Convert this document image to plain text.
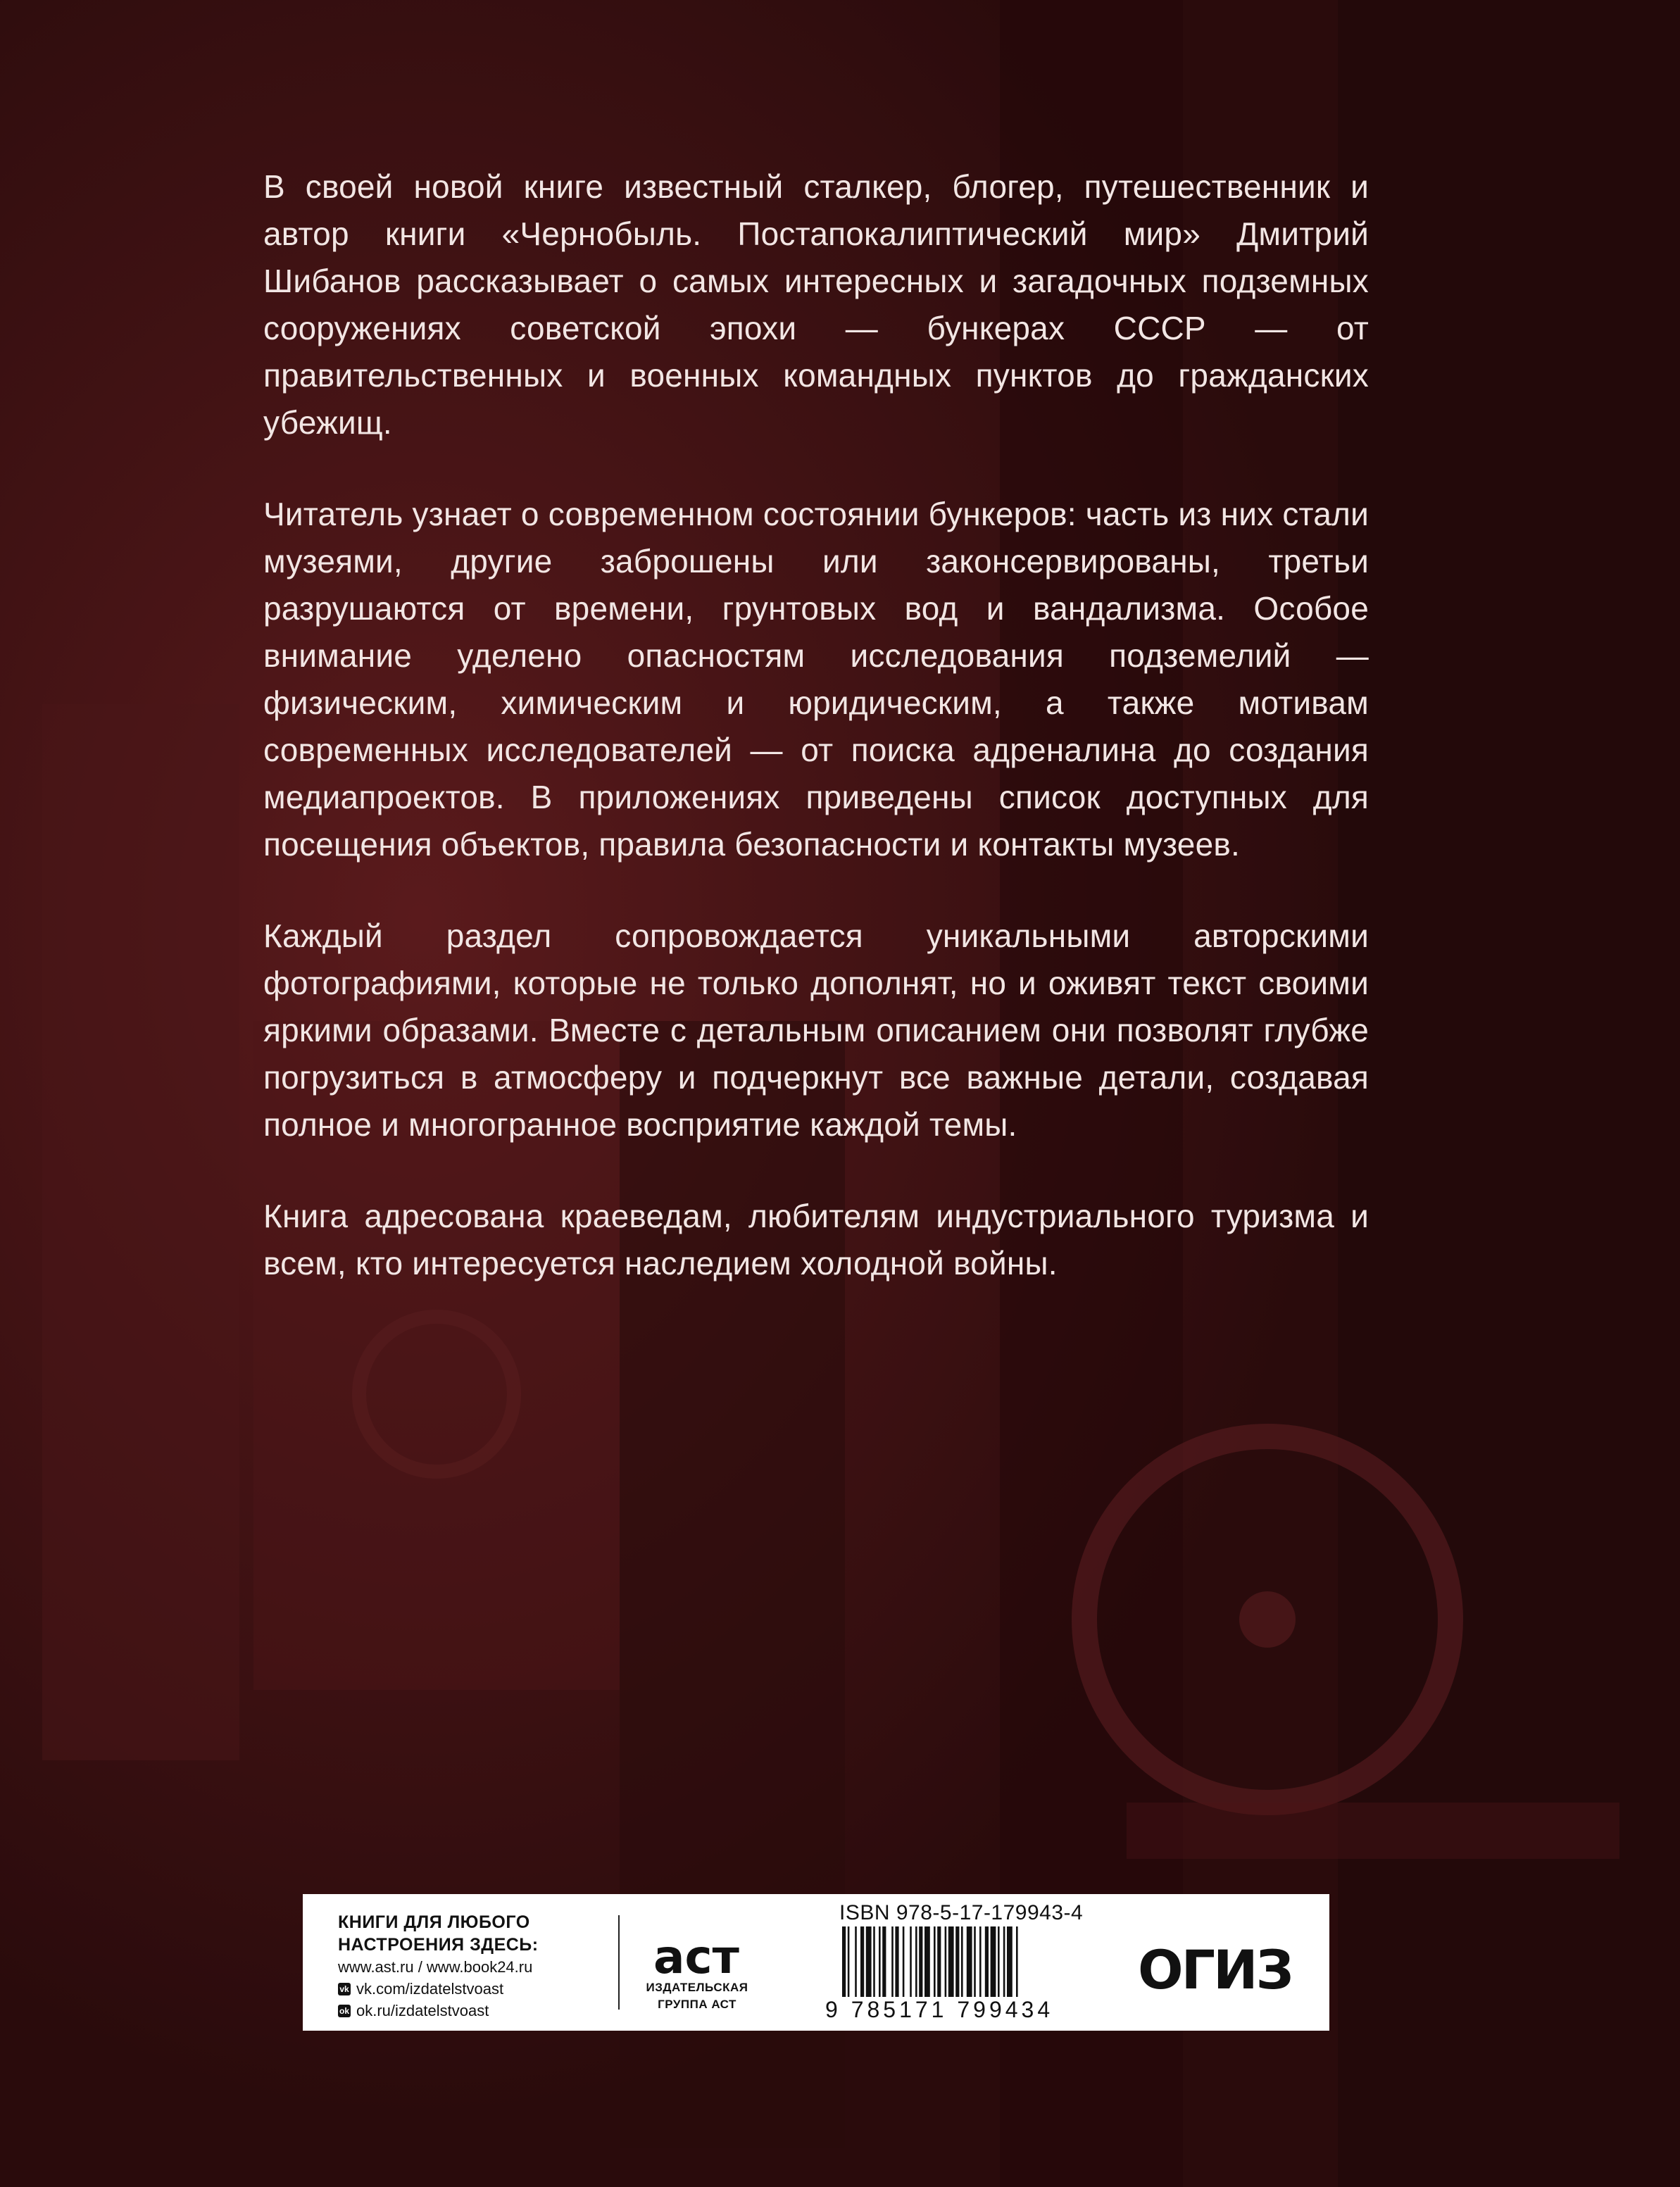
В своей новой книге известный сталкер, блогер, путешественник и автор книги «Чернобыль. Постапокалиптический мир» Дмитрий Шибанов рассказывает о самых интересных и загадочных подземных сооружениях советской эпохи — бункерах СССР — от правительственных и военных командных пунктов до гражданских убежищ.

Читатель узнает о современном состоянии бункеров: часть из них стали музеями, другие заброшены или законсервированы, третьи разрушаются от времени, грунтовых вод и вандализма. Особое внимание уделено опасностям исследования подземелий — физическим, химическим и юридическим, а также мотивам современных исследователей — от поиска адреналина до создания медиапроектов. В приложениях приведены список доступных для посещения объектов, правила безопасности и контакты музеев.

Каждый раздел сопровождается уникальными авторскими фотографиями, которые не только дополнят, но и оживят текст своими яркими образами. Вместе с детальным описанием они позволят глубже погрузиться в атмосферу и подчеркнут все важные детали, создавая полное и многогранное восприятие каждой темы.

Книга адресована краеведам, любителям индустриального туризма и всем, кто интересуется наследием холодной войны.

КНИГИ ДЛЯ ЛЮБОГО
НАСТРОЕНИЯ ЗДЕСЬ:
www.ast.ru / www.book24.ru
vk vk.com/izdatelstvoast
ok ok.ru/izdatelstvoast
аст
ИЗДАТЕЛЬСКАЯ
ГРУППА АСТ
ISBN 978-5-17-179943-4
9 785171 799434
ОГИЗ
